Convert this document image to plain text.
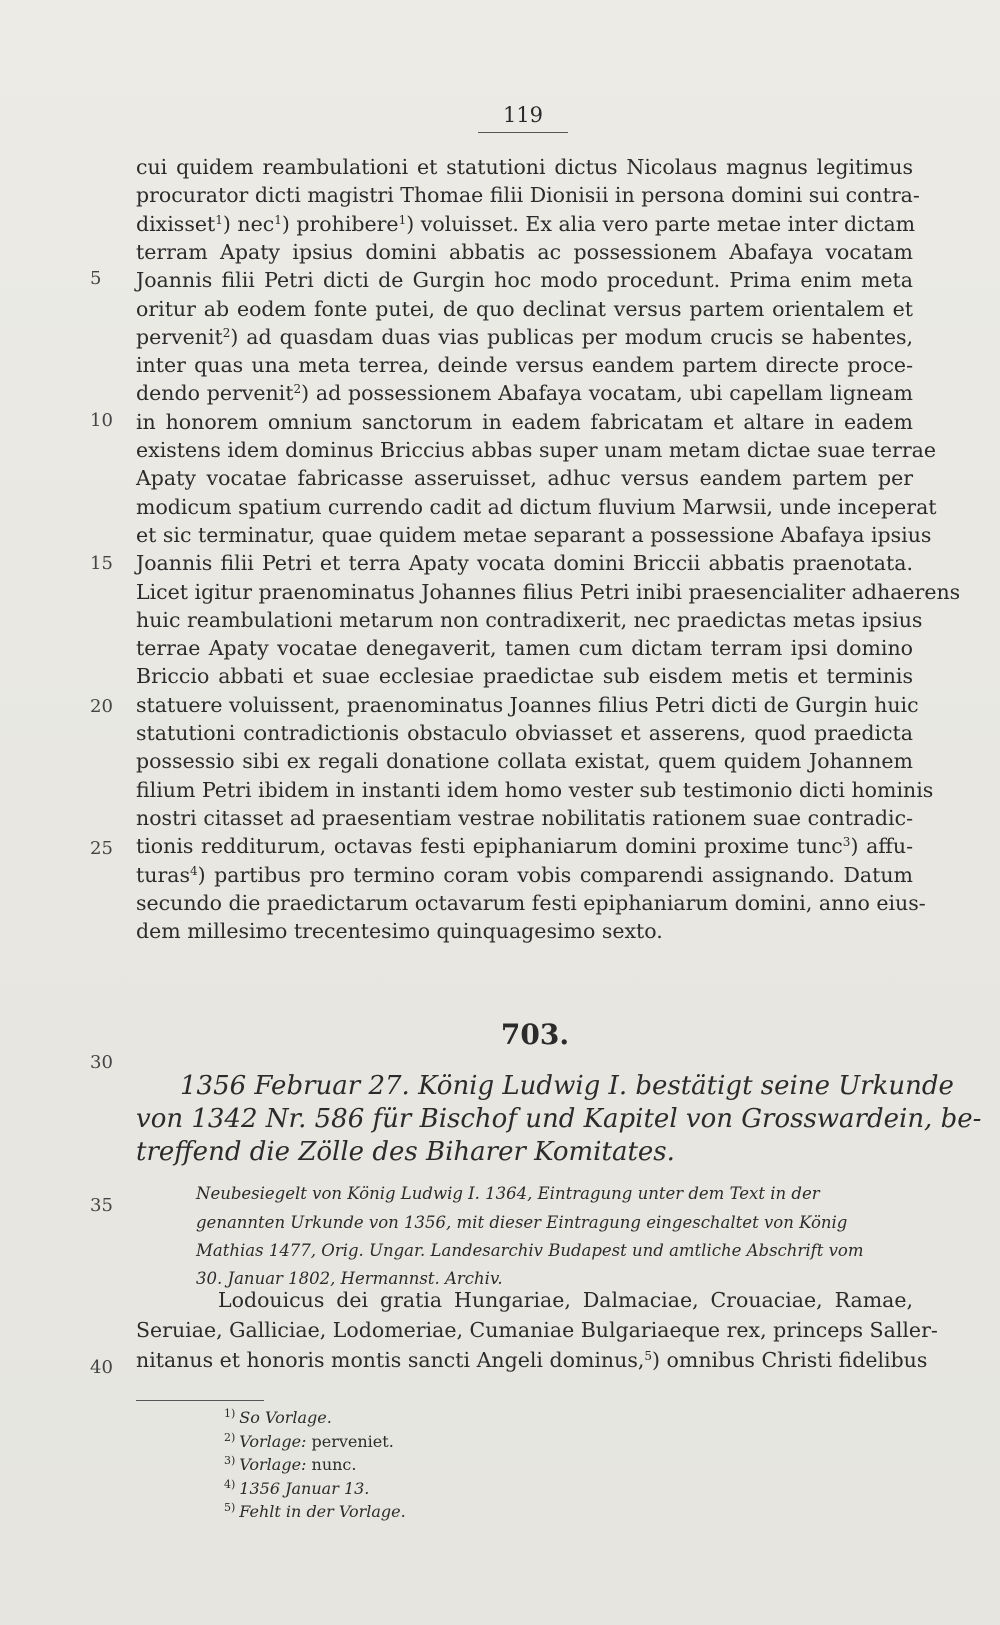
119
cui quidem reambulationi et statutioni dictus Nicolaus magnus legitimus
procurator dicti magistri Thomae filii Dionisii in persona domini sui contra-
dixisset$^1$) nec$^1$) prohibere$^1$) voluisset. Ex alia vero parte metae inter dictam
terram Apaty ipsius domini abbatis ac possessionem Abafaya vocatam
Joannis filii Petri dicti de Gurgin hoc modo procedunt. Prima enim meta
oritur ab eodem fonte putei, de quo declinat versus partem orientalem et
pervenit$^2$) ad quasdam duas vias publicas per modum crucis se habentes,
inter quas una meta terrea, deinde versus eandem partem directe proce-
dendo pervenit$^2$) ad possessionem Abafaya vocatam, ubi capellam ligneam
in honorem omnium sanctorum in eadem fabricatam et altare in eadem
existens idem dominus Briccius abbas super unam metam dictae suae terrae
Apaty vocatae fabricasse asseruisset, adhuc versus eandem partem per
modicum spatium currendo cadit ad dictum fluvium Marwsii, unde inceperat
et sic terminatur, quae quidem metae separant a possessione Abafaya ipsius
Joannis filii Petri et terra Apaty vocata domini Briccii abbatis praenotata.
Licet igitur praenominatus Johannes filius Petri inibi praesencialiter adhaerens
huic reambulationi metarum non contradixerit, nec praedictas metas ipsius
terrae Apaty vocatae denegaverit, tamen cum dictam terram ipsi domino
Briccio abbati et suae ecclesiae praedictae sub eisdem metis et terminis
statuere voluissent, praenominatus Joannes filius Petri dicti de Gurgin huic
statutioni contradictionis obstaculo obviasset et asserens, quod praedicta
possessio sibi ex regali donatione collata existat, quem quidem Johannem
filium Petri ibidem in instanti idem homo vester sub testimonio dicti hominis
nostri citasset ad praesentiam vestrae nobilitatis rationem suae contradic-
tionis redditurum, octavas festi epiphaniarum domini proxime tunc$^3$) affu-
turas$^4$) partibus pro termino coram vobis comparendi assignando. Datum
secundo die praedictarum octavarum festi epiphaniarum domini, anno eius-
dem millesimo trecentesimo quinquagesimo sexto.
5
10
15
20
25
30
35
40
703.
1356 Februar 27. König Ludwig I. bestätigt seine Urkunde
von 1342 Nr. 586 für Bischof und Kapitel von Grosswardein, be-
treffend die Zölle des Biharer Komitates.
Neubesiegelt von König Ludwig I. 1364, Eintragung unter dem Text in der
genannten Urkunde von 1356, mit dieser Eintragung eingeschaltet von König
Mathias 1477, Orig. Ungar. Landesarchiv Budapest und amtliche Abschrift vom
30. Januar 1802, Hermannst. Archiv.
Lodouicus dei gratia Hungariae, Dalmaciae, Crouaciae, Ramae,
Seruiae, Galliciae, Lodomeriae, Cumaniae Bulgariaeque rex, princeps Saller-
nitanus et honoris montis sancti Angeli dominus,$^5$) omnibus Christi fidelibus
$^{1)}$ So Vorlage.
$^{2)}$ Vorlage: perveniet.
$^{3)}$ Vorlage: nunc.
$^{4)}$ 1356 Januar 13.
$^{5)}$ Fehlt in der Vorlage.
